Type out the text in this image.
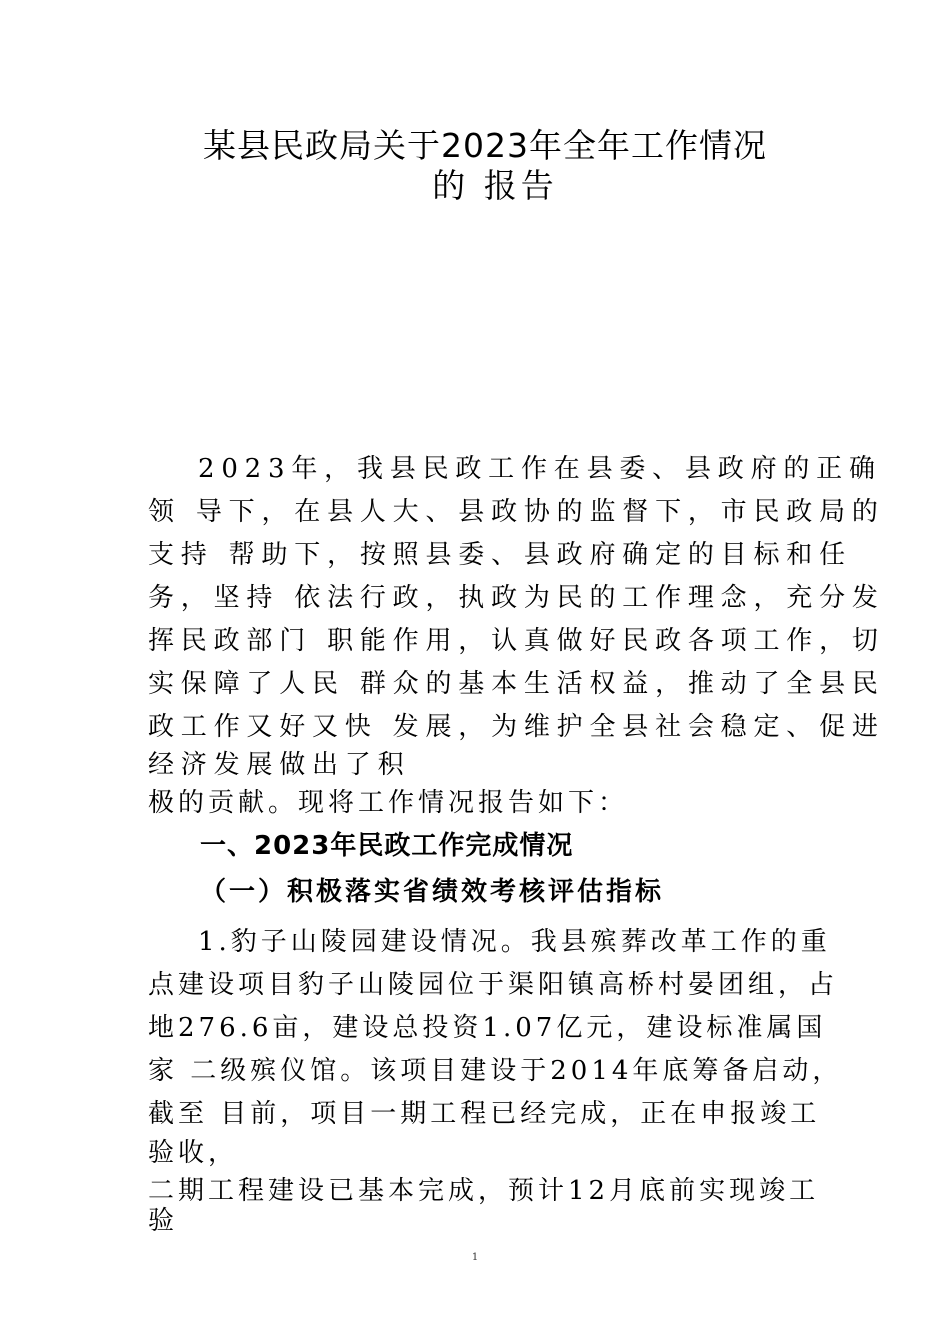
某县民政局关于2023年全年工作情况
的 报告
2023年，我县民政工作在县委、县政府的正确
领 导下，在县人大、县政协的监督下，市民政局的
支持 帮助下，按照县委、县政府确定的目标和任
务，坚持 依法行政，执政为民的工作理念，充分发
挥民政部门 职能作用，认真做好民政各项工作，切
实保障了人民 群众的基本生活权益，推动了全县民
政工作又好又快 发展，为维护全县社会稳定、促进
经济发展做出了积
极的贡献。现将工作情况报告如下：
一、2023年民政工作完成情况
（一）积极落实省绩效考核评估指标
1.豹子山陵园建设情况。我县殡葬改革工作的重
点建设项目豹子山陵园位于渠阳镇高桥村晏团组，占
地276.6亩，建设总投资1.07亿元，建设标准属国
家 二级殡仪馆。该项目建设于2014年底筹备启动，
截至 目前，项目一期工程已经完成，正在申报竣工
验收，
二期工程建设已基本完成，预计12月底前实现竣工
验
1
